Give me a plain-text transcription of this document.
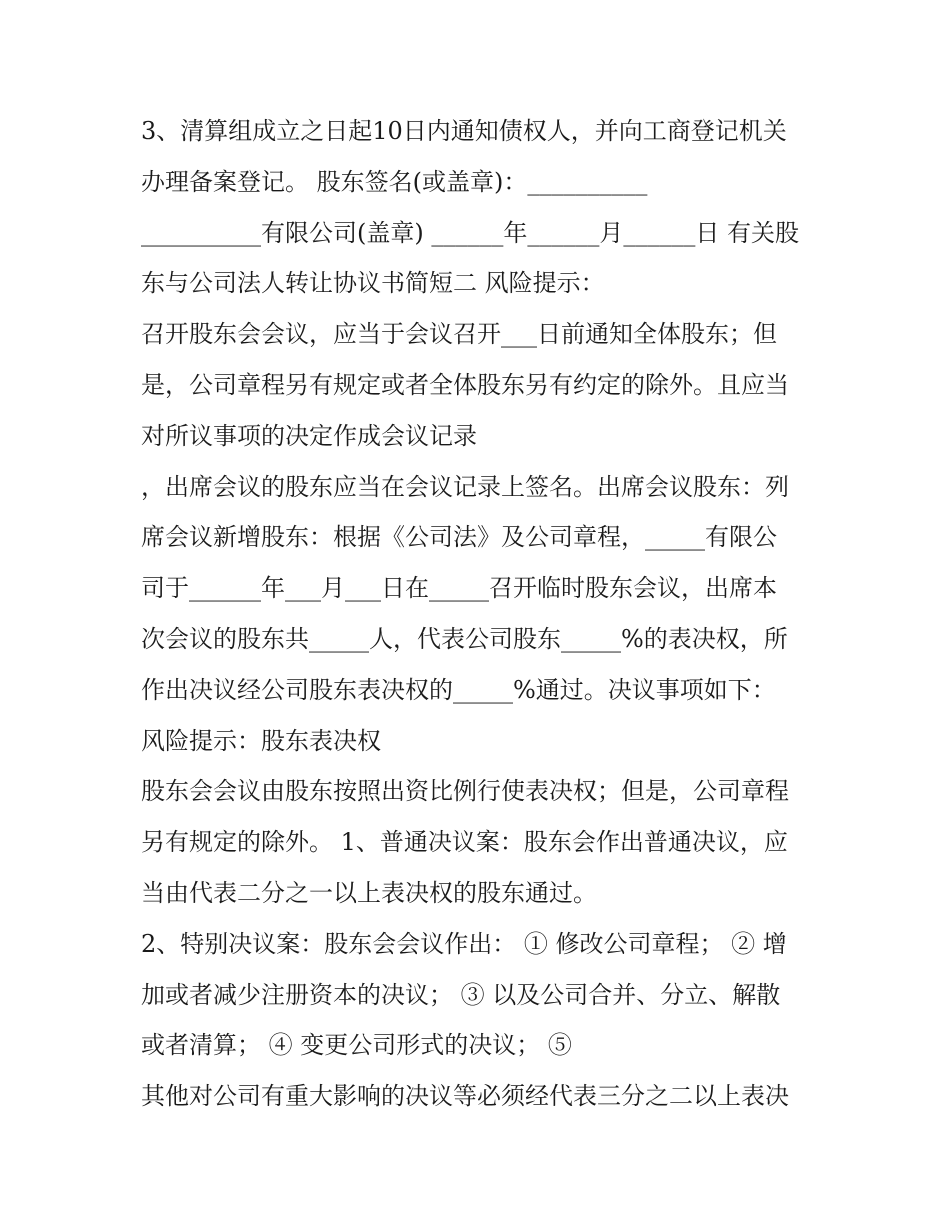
3、清算组成立之日起10日内通知债权人，并向工商登记机关
办理备案登记。 股东签名(或盖章)：__________
__________有限公司(盖章) ______年______月______日 有关股
东与公司法人转让协议书简短二 风险提示：
召开股东会会议，应当于会议召开___日前通知全体股东；但
是，公司章程另有规定或者全体股东另有约定的除外。且应当
对所议事项的决定作成会议记录
，出席会议的股东应当在会议记录上签名。出席会议股东：列
席会议新增股东：根据《公司法》及公司章程，_____有限公
司于______年___月___日在_____召开临时股东会议，出席本
次会议的股东共_____人，代表公司股东_____%的表决权，所
作出决议经公司股东表决权的_____%通过。决议事项如下：
风险提示：股东表决权
股东会会议由股东按照出资比例行使表决权；但是，公司章程
另有规定的除外。 1、普通决议案：股东会作出普通决议，应
当由代表二分之一以上表决权的股东通过。
2、特别决议案：股东会会议作出： ① 修改公司章程； ② 增
加或者减少注册资本的决议； ③ 以及公司合并、分立、解散
或者清算； ④ 变更公司形式的决议； ⑤
其他对公司有重大影响的决议等必须经代表三分之二以上表决
